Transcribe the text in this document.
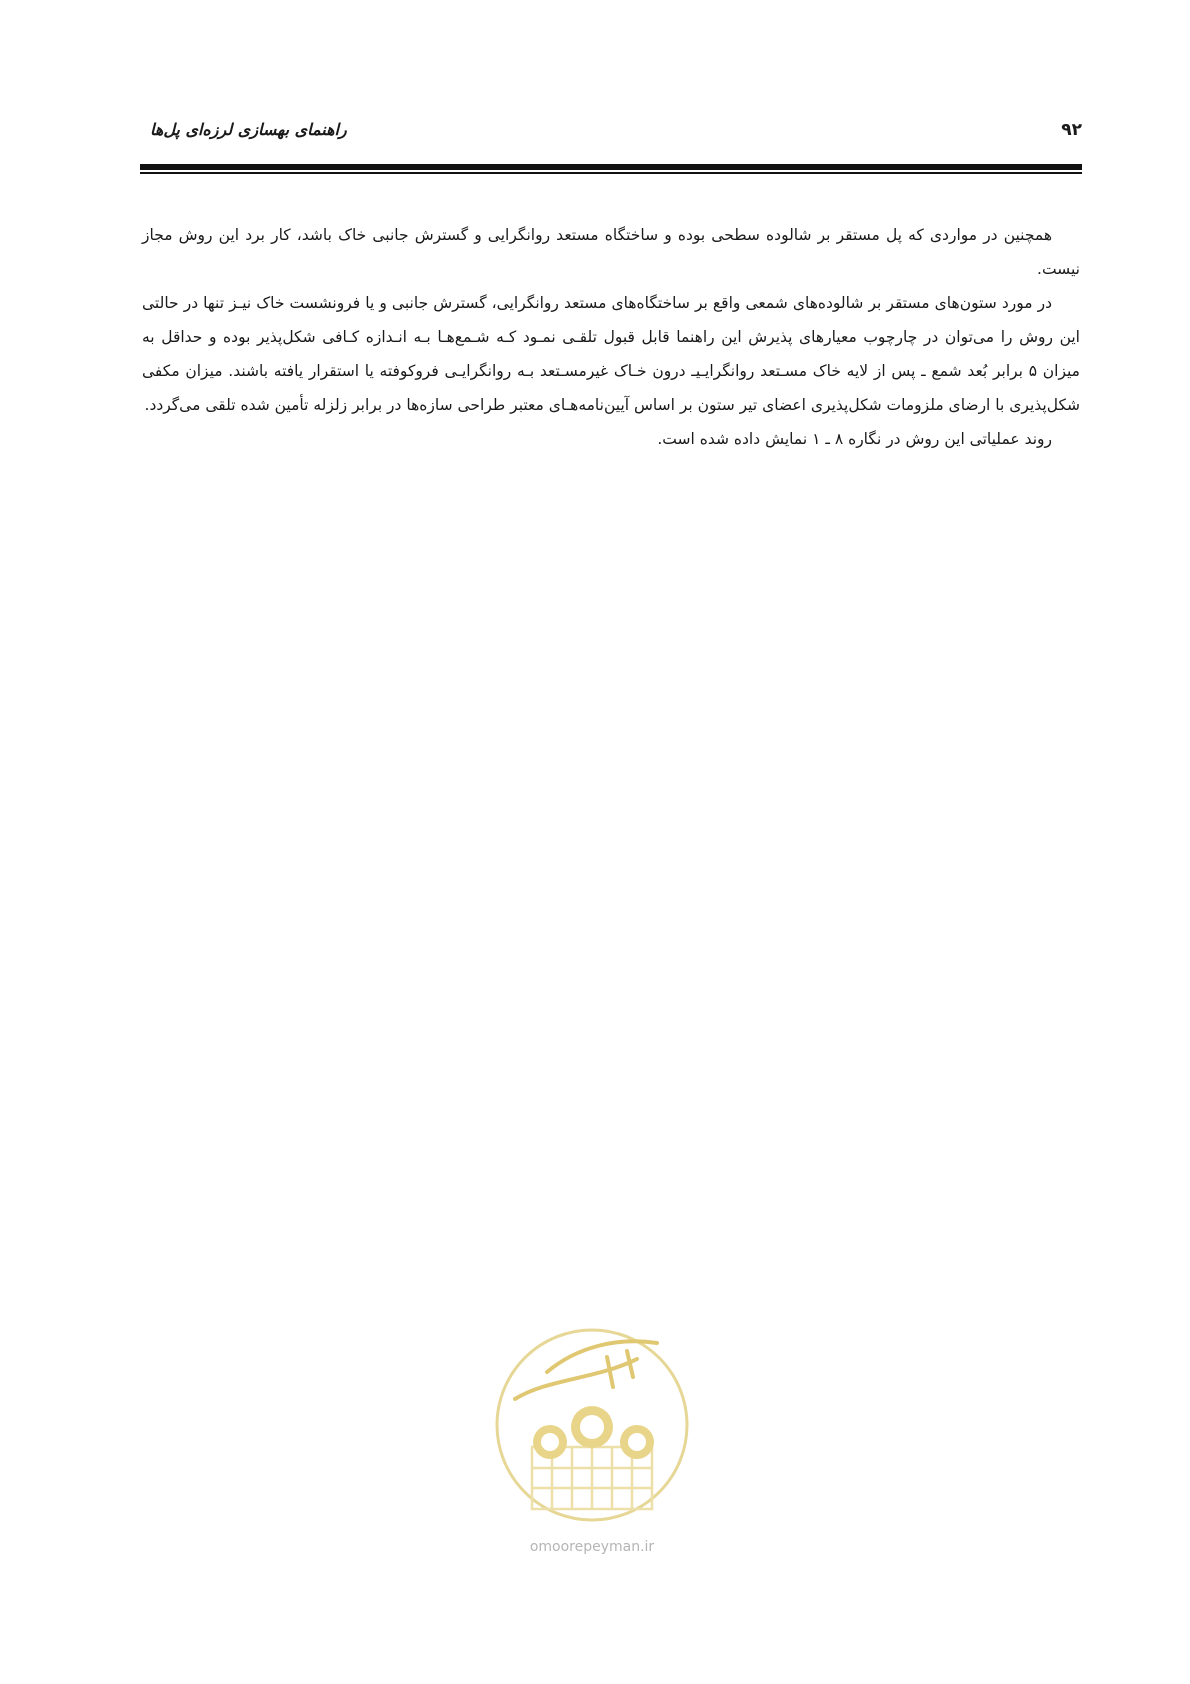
۹۲
راهنمای بهسازی لرزه‌ای پل‌ها

همچنین در مواردی که پل مستقر بر شالوده سطحی بوده و ساختگاه مستعد روانگرایی و گسترش جانبی خاک باشد، کار برد این روش مجاز نیست.

در مورد ستون‌های مستقر بر شالوده‌های شمعی واقع بر ساختگاه‌های مستعد روانگرایی، گسترش جانبی و یا فرونشست خاک نیـز تنها در حالتی این روش را می‌توان در چارچوب معیارهای پذیرش این راهنما قابل قبول تلقـی نمـود کـه شـمع‌هـا بـه انـدازه کـافی شکل‌پذیر بوده و حداقل به میزان ۵ برابر بُعد شمع ـ پس از لایه خاک مسـتعد روانگرایـیـ درون خـاک غیرمسـتعد بـه روانگرایـی فروکوفته یا استقرار یافته باشند. میزان مکفی شکل‌پذیری با ارضای ملزومات شکل‌پذیری اعضای تیر ستون بر اساس آیین‌نامه‌هـای معتبر طراحی سازه‌ها در برابر زلزله تأمین شده تلقی می‌گردد.

روند عملیاتی این روش در نگاره ۸ ـ ۱ نمایش داده شده است.

omoorepeyman.ir
